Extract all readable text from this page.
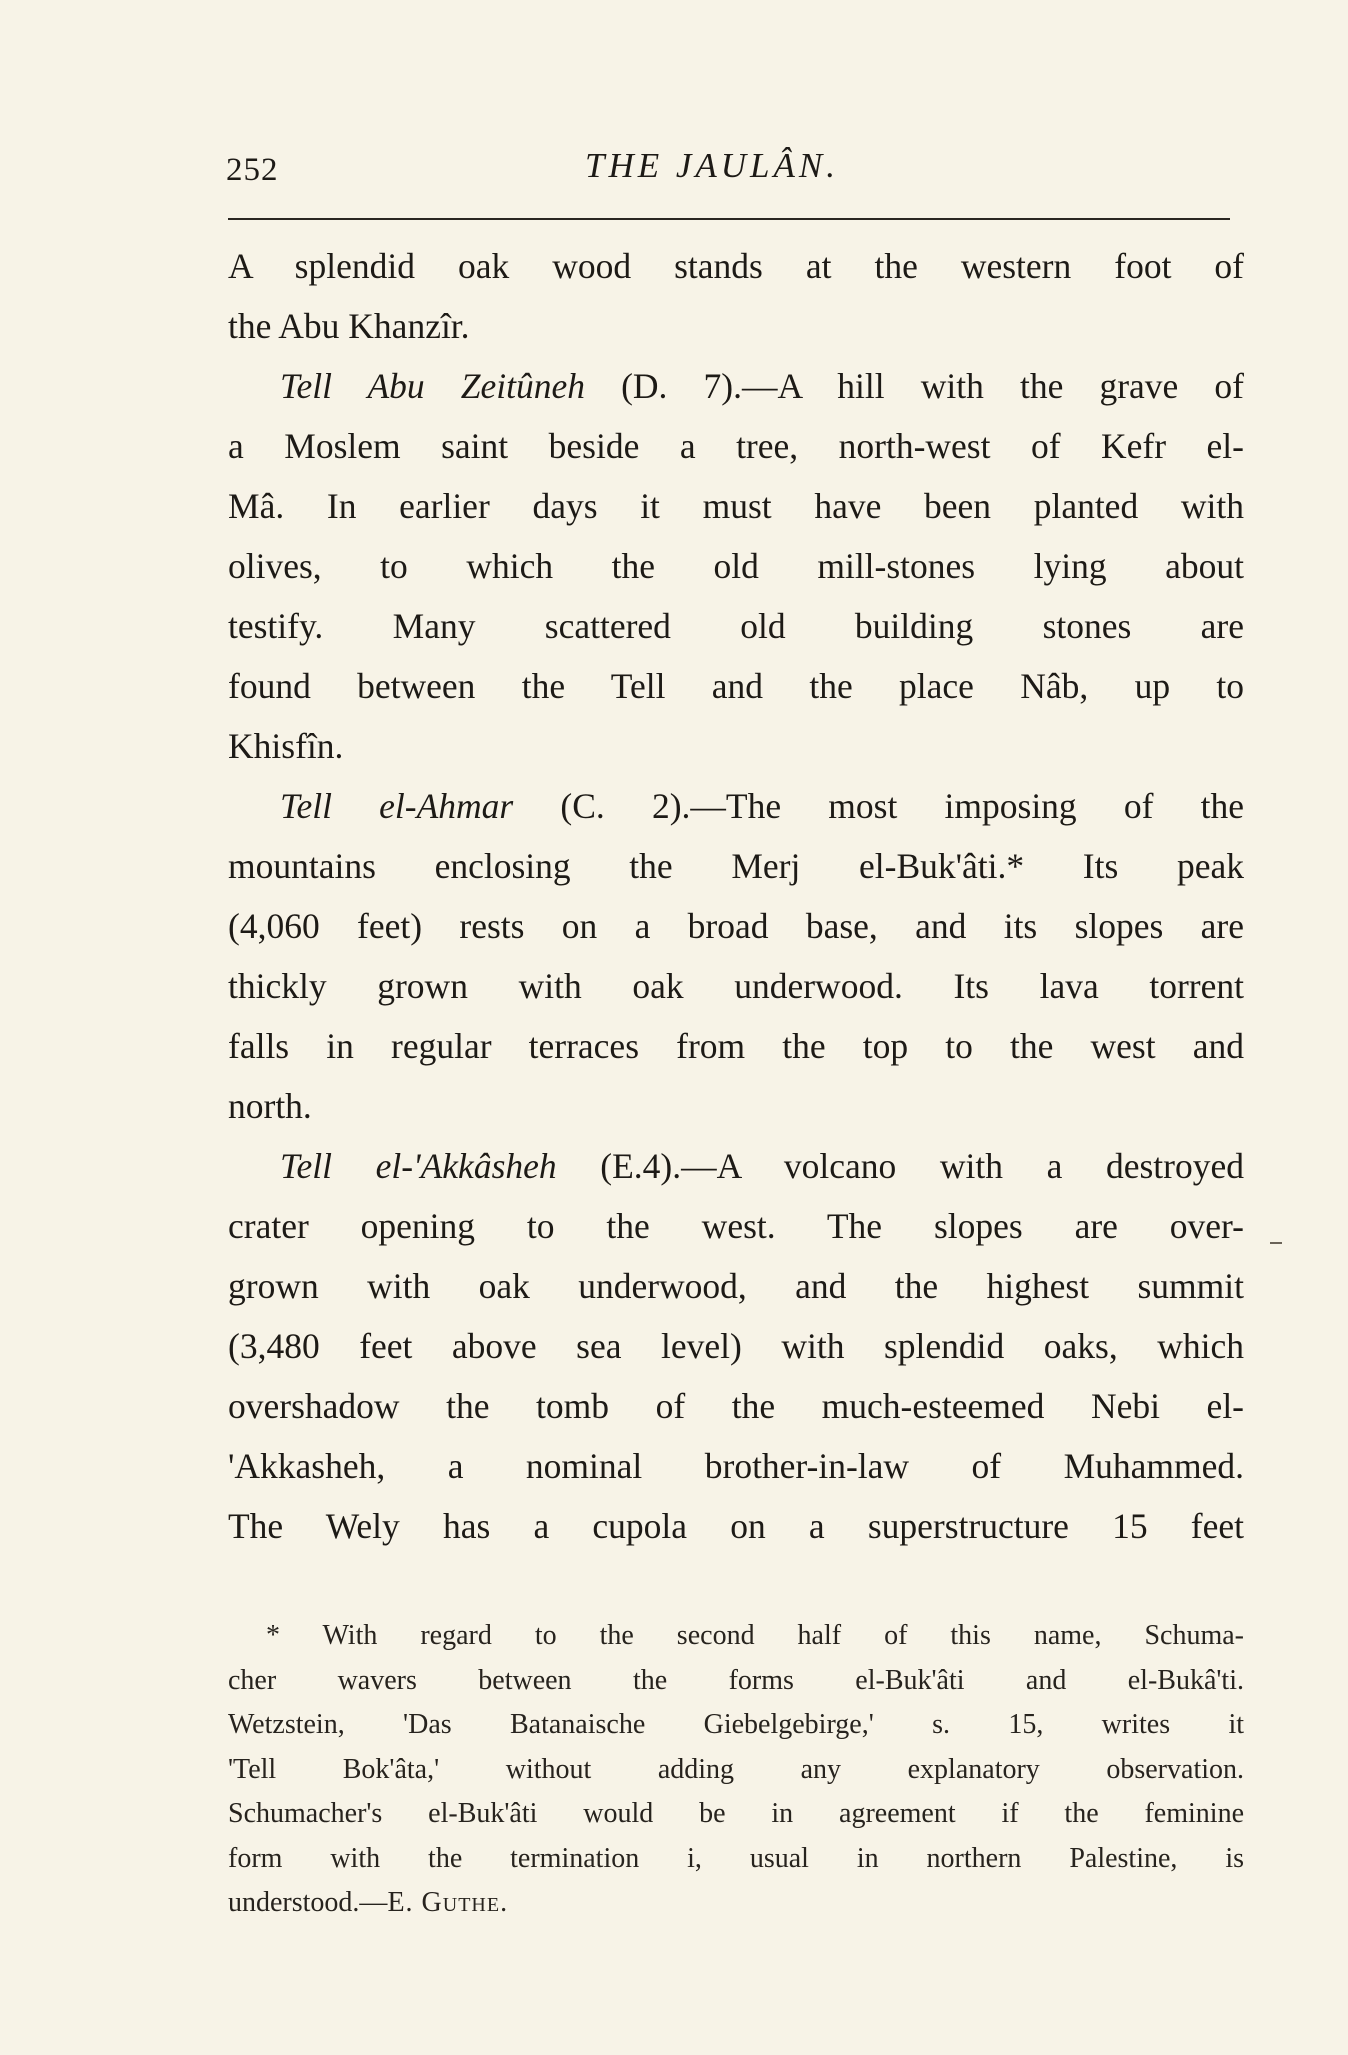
252	THE JAULÂN.
A splendid oak wood stands at the western foot of
the Abu Khanzîr.
Tell Abu Zeitûneh (D. 7).—A hill with the grave of
a Moslem saint beside a tree, north-west of Kefr el-
Mâ. In earlier days it must have been planted with
olives, to which the old mill-stones lying about
testify. Many scattered old building stones are
found between the Tell and the place Nâb, up to
Khisfîn.
Tell el-Ahmar (C. 2).—The most imposing of the
mountains enclosing the Merj el-Buk'âti.* Its peak
(4,060 feet) rests on a broad base, and its slopes are
thickly grown with oak underwood. Its lava torrent
falls in regular terraces from the top to the west and
north.
Tell el-'Akkâsheh (E.4).—A volcano with a destroyed
crater opening to the west. The slopes are over-
grown with oak underwood, and the highest summit
(3,480 feet above sea level) with splendid oaks, which
overshadow the tomb of the much-esteemed Nebi el-
'Akkasheh, a nominal brother-in-law of Muhammed.
The Wely has a cupola on a superstructure 15 feet
* With regard to the second half of this name, Schuma-
cher wavers between the forms el-Buk'âti and el-Bukâ'ti.
Wetzstein, 'Das Batanaische Giebelgebirge,' s. 15, writes it
'Tell Bok'âta,' without adding any explanatory observation.
Schumacher's el-Buk'âti would be in agreement if the feminine
form with the termination i, usual in northern Palestine, is
understood.—E. Guthe.
